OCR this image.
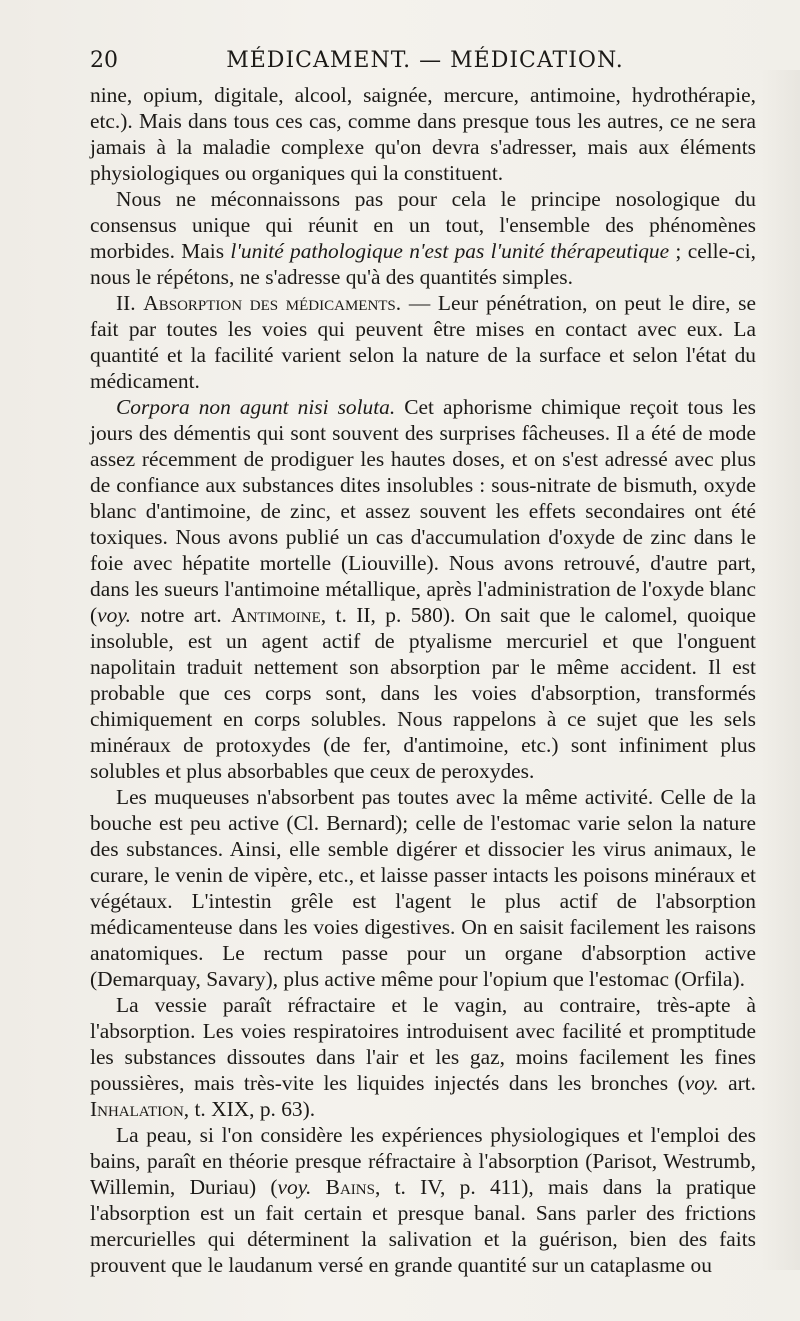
20	MÉDICAMENT. — MÉDICATION.

nine, opium, digitale, alcool, saignée, mercure, antimoine, hydrothérapie, etc.). Mais dans tous ces cas, comme dans presque tous les autres, ce ne sera jamais à la maladie complexe qu'on devra s'adresser, mais aux éléments physiologiques ou organiques qui la constituent.

Nous ne méconnaissons pas pour cela le principe nosologique du consensus unique qui réunit en un tout, l'ensemble des phénomènes morbides. Mais l'unité pathologique n'est pas l'unité thérapeutique ; celle-ci, nous le répétons, ne s'adresse qu'à des quantités simples.

II. Absorption des médicaments. — Leur pénétration, on peut le dire, se fait par toutes les voies qui peuvent être mises en contact avec eux. La quantité et la facilité varient selon la nature de la surface et selon l'état du médicament.

Corpora non agunt nisi soluta. Cet aphorisme chimique reçoit tous les jours des démentis qui sont souvent des surprises fâcheuses. Il a été de mode assez récemment de prodiguer les hautes doses, et on s'est adressé avec plus de confiance aux substances dites insolubles : sous-nitrate de bismuth, oxyde blanc d'antimoine, de zinc, et assez souvent les effets secondaires ont été toxiques. Nous avons publié un cas d'accumulation d'oxyde de zinc dans le foie avec hépatite mortelle (Liouville). Nous avons retrouvé, d'autre part, dans les sueurs l'antimoine métallique, après l'administration de l'oxyde blanc (voy. notre art. Antimoine, t. II, p. 580). On sait que le calomel, quoique insoluble, est un agent actif de ptyalisme mercuriel et que l'onguent napolitain traduit nettement son absorption par le même accident. Il est probable que ces corps sont, dans les voies d'absorption, transformés chimiquement en corps solubles. Nous rappelons à ce sujet que les sels minéraux de protoxydes (de fer, d'antimoine, etc.) sont infiniment plus solubles et plus absorbables que ceux de peroxydes.

Les muqueuses n'absorbent pas toutes avec la même activité. Celle de la bouche est peu active (Cl. Bernard); celle de l'estomac varie selon la nature des substances. Ainsi, elle semble digérer et dissocier les virus animaux, le curare, le venin de vipère, etc., et laisse passer intacts les poisons minéraux et végétaux. L'intestin grêle est l'agent le plus actif de l'absorption médicamenteuse dans les voies digestives. On en saisit facilement les raisons anatomiques. Le rectum passe pour un organe d'absorption active (Demarquay, Savary), plus active même pour l'opium que l'estomac (Orfila).

La vessie paraît réfractaire et le vagin, au contraire, très-apte à l'absorption. Les voies respiratoires introduisent avec facilité et promptitude les substances dissoutes dans l'air et les gaz, moins facilement les fines poussières, mais très-vite les liquides injectés dans les bronches (voy. art. Inhalation, t. XIX, p. 63).

La peau, si l'on considère les expériences physiologiques et l'emploi des bains, paraît en théorie presque réfractaire à l'absorption (Parisot, Westrumb, Willemin, Duriau) (voy. Bains, t. IV, p. 411), mais dans la pratique l'absorption est un fait certain et presque banal. Sans parler des frictions mercurielles qui déterminent la salivation et la guérison, bien des faits prouvent que le laudanum versé en grande quantité sur un cataplasme ou
